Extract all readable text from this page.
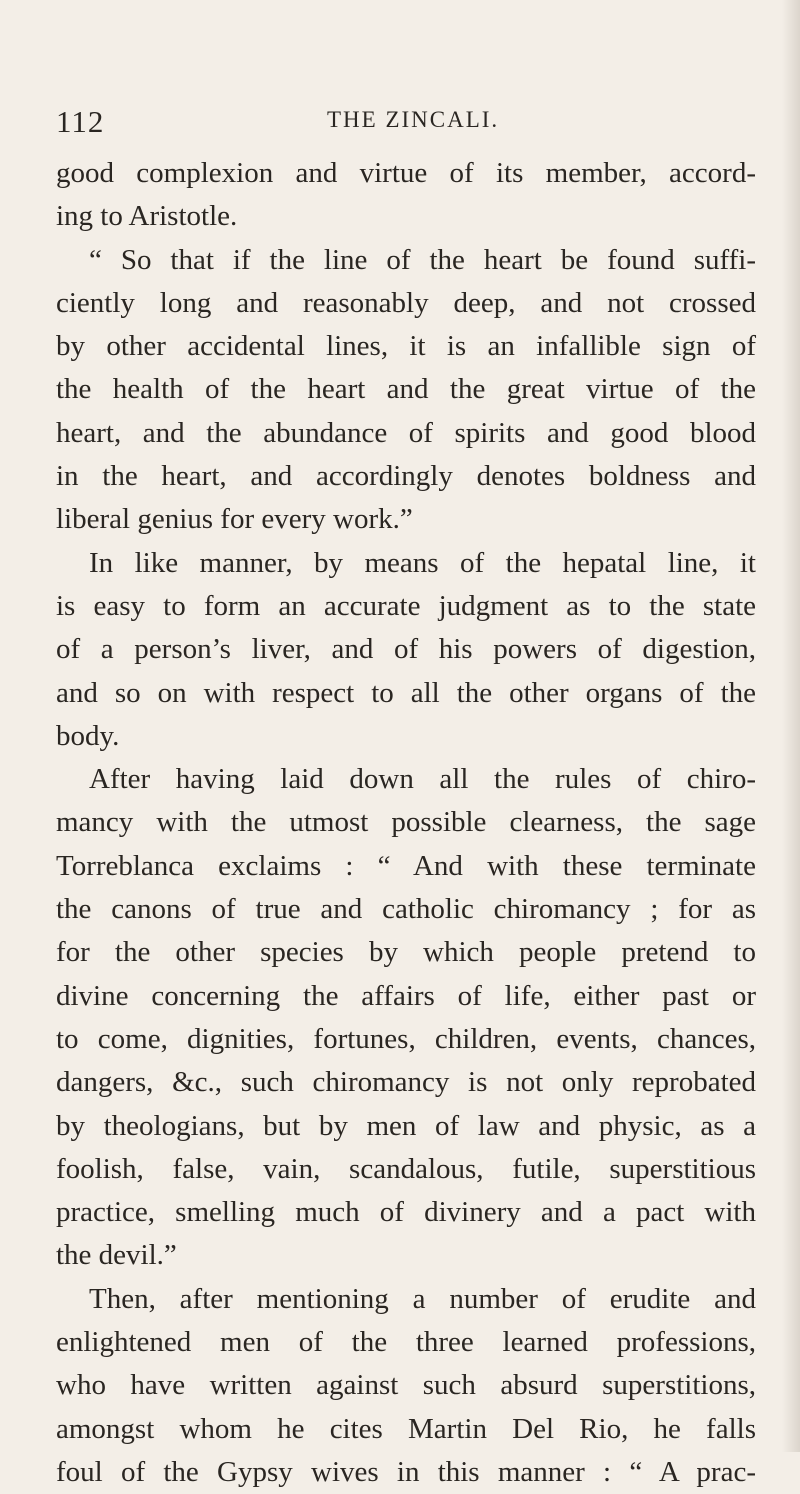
112	THE ZINCALI.

good complexion and virtue of its member, accord-
ing to Aristotle.
“ So that if the line of the heart be found suffi-
ciently long and reasonably deep, and not crossed
by other accidental lines, it is an infallible sign of
the health of the heart and the great virtue of the
heart, and the abundance of spirits and good blood
in the heart, and accordingly denotes boldness and
liberal genius for every work.”
In like manner, by means of the hepatal line, it
is easy to form an accurate judgment as to the state
of a person’s liver, and of his powers of digestion,
and so on with respect to all the other organs of the
body.
After having laid down all the rules of chiro-
mancy with the utmost possible clearness, the sage
Torreblanca exclaims : “ And with these terminate
the canons of true and catholic chiromancy ; for as
for the other species by which people pretend to
divine concerning the affairs of life, either past or
to come, dignities, fortunes, children, events, chances,
dangers, &c., such chiromancy is not only reprobated
by theologians, but by men of law and physic, as a
foolish, false, vain, scandalous, futile, superstitious
practice, smelling much of divinery and a pact with
the devil.”
Then, after mentioning a number of erudite and
enlightened men of the three learned professions,
who have written against such absurd superstitions,
amongst whom he cites Martin Del Rio, he falls
foul of the Gypsy wives in this manner : “ A prac-
